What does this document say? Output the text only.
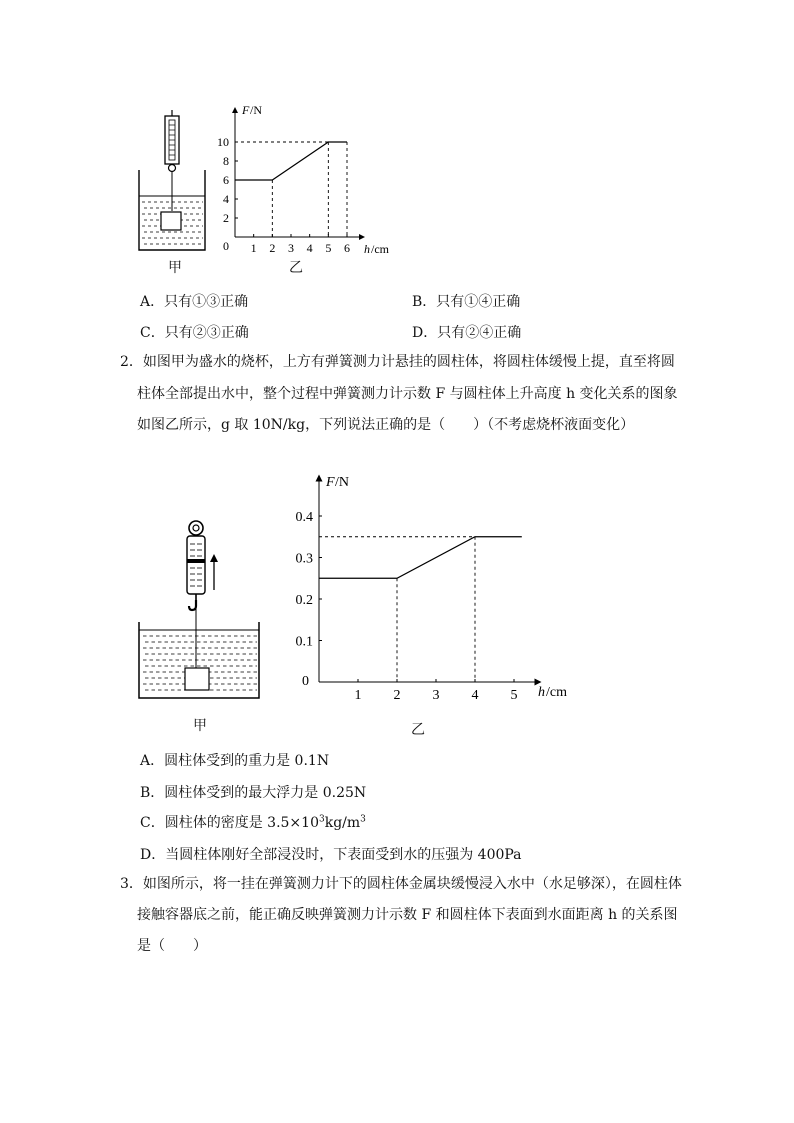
甲
F /N
h /cm
0 1 2 3 4 5 6
2
4
6
8
10
乙
A．只有①③正确	B．只有①④正确
C．只有②③正确	D．只有②④正确
2．如图甲为盛水的烧杯，上方有弹簧测力计悬挂的圆柱体，将圆柱体缓慢上提，直至将圆
柱体全部提出水中，整个过程中弹簧测力计示数 F 与圆柱体上升高度 h 变化关系的图象
如图乙所示，g 取 10N/kg，下列说法正确的是（　　）（不考虑烧杯液面变化）
甲
F /N
h /cm
0
1 2 3 4 5
0.1
0.2
0.3
0.4
乙
A．圆柱体受到的重力是 0.1N
B．圆柱体受到的最大浮力是 0.25N
C．圆柱体的密度是 $3.5\times 10^3kg/m^3$
D．当圆柱体刚好全部浸没时，下表面受到水的压强为 400Pa
3．如图所示，将一挂在弹簧测力计下的圆柱体金属块缓慢浸入水中（水足够深），在圆柱体
接触容器底之前，能正确反映弹簧测力计示数 F 和圆柱体下表面到水面距离 h 的关系图
是（　　）
